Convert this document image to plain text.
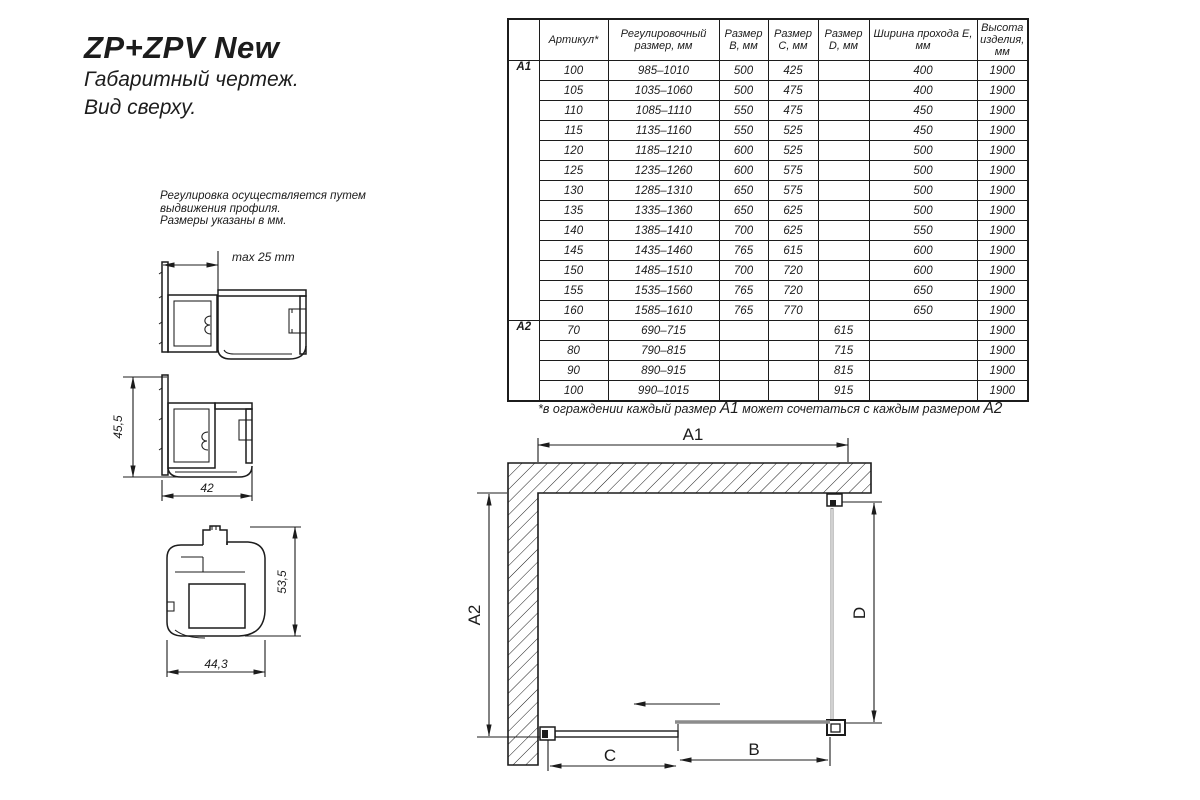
ZP+ZPV New
Габаритный чертеж.
Вид сверху.
Регулировка осуществляется путем
выдвижения профиля.
Размеры указаны в мм.
max 25 mm
45,5
42
53,5
44,3
	Артикул*	Регулировочный размер, мм	Размер B, мм	Размер C, мм	Размер D, мм	Ширина прохода E, мм	Высота изделия, мм
А1	100	985–1010	500	425		400	1900
	105	1035–1060	500	475		400	1900
	110	1085–1110	550	475		450	1900
	115	1135–1160	550	525		450	1900
	120	1185–1210	600	525		500	1900
	125	1235–1260	600	575		500	1900
	130	1285–1310	650	575		500	1900
	135	1335–1360	650	625		500	1900
	140	1385–1410	700	625		550	1900
	145	1435–1460	765	615		600	1900
	150	1485–1510	700	720		600	1900
	155	1535–1560	765	720		650	1900
	160	1585–1610	765	770		650	1900
А2	70	690–715			615		1900
	80	790–815			715		1900
	90	890–915			815		1900
	100	990–1015			915		1900
*в ограждении каждый размер А1 может сочетаться с каждым размером А2
A1
A2	D
B
C
